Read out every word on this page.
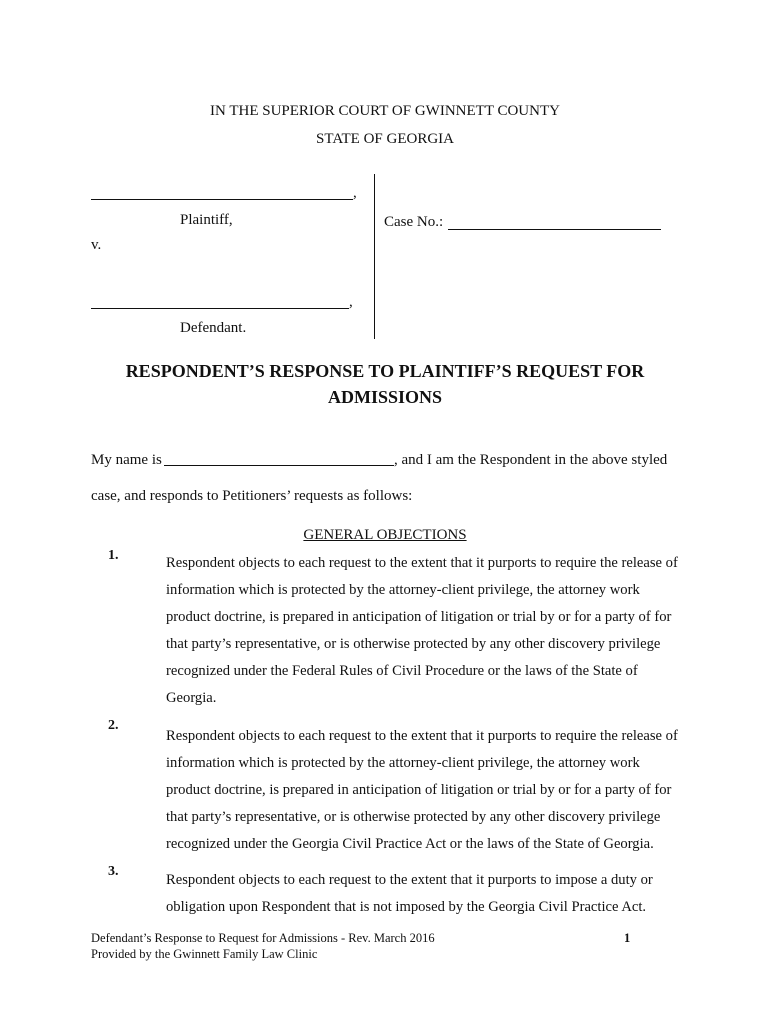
IN THE SUPERIOR COURT OF GWINNETT COUNTY
STATE OF GEORGIA
,
Plaintiff,
v.
,
Defendant.
Case No.:
RESPONDENT’S RESPONSE TO PLAINTIFF’S REQUEST FOR
ADMISSIONS
My name is	, and I am the Respondent in the above styled
case, and responds to Petitioners’ requests as follows:
GENERAL OBJECTIONS
1.	Respondent objects to each request to the extent that it purports to require the release of
information which is protected by the attorney-client privilege, the attorney work
product doctrine, is prepared in anticipation of litigation or trial by or for a party of for
that party’s representative, or is otherwise protected by any other discovery privilege
recognized under the Federal Rules of Civil Procedure or the laws of the State of
Georgia.
2.
Respondent objects to each request to the extent that it purports to require the release of
information which is protected by the attorney-client privilege, the attorney work
product doctrine, is prepared in anticipation of litigation or trial by or for a party of for
that party’s representative, or is otherwise protected by any other discovery privilege
recognized under the Georgia Civil Practice Act or the laws of the State of Georgia.
3.
Respondent objects to each request to the extent that it purports to impose a duty or
obligation upon Respondent that is not imposed by the Georgia Civil Practice Act.
Defendant’s Response to Request for Admissions - Rev. March 2016
Provided by the Gwinnett Family Law Clinic
1
